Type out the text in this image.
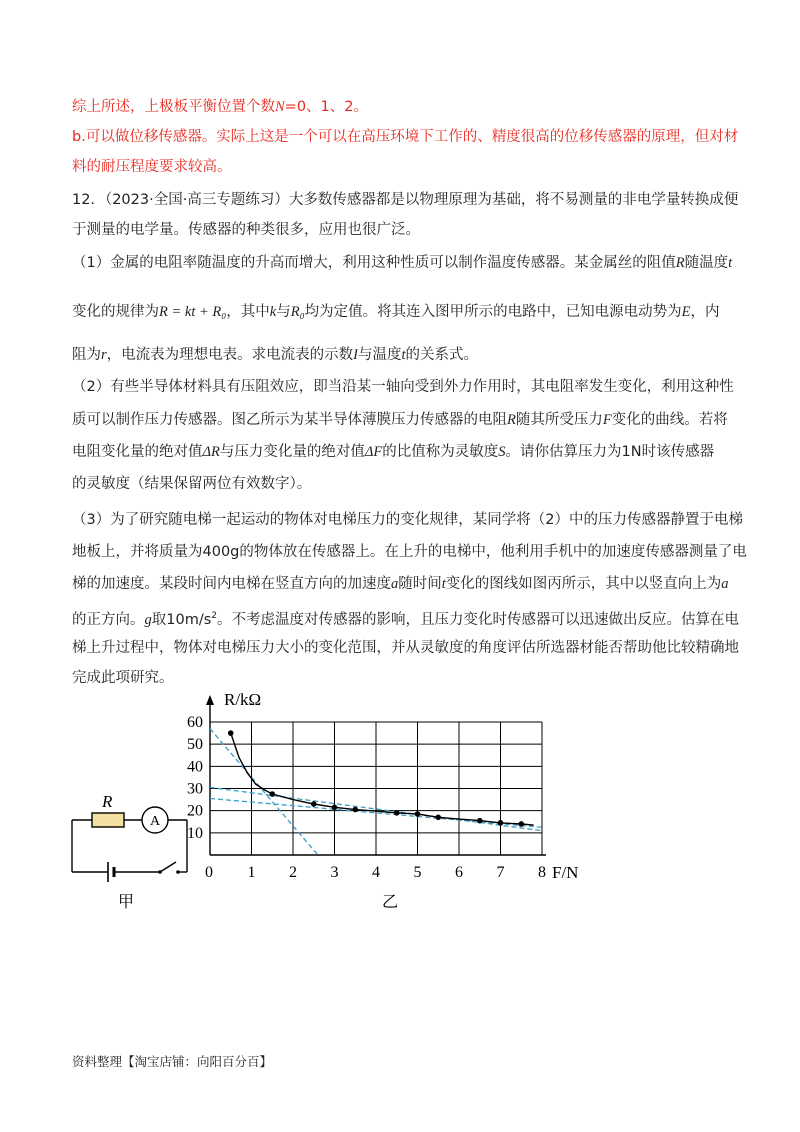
综上所述，上极板平衡位置个数N=0、1、2。
b.可以做位移传感器。实际上这是一个可以在高压环境下工作的、精度很高的位移传感器的原理，但对材
料的耐压程度要求较高。
12．（2023·全国·高三专题练习）大多数传感器都是以物理原理为基础，将不易测量的非电学量转换成便
于测量的电学量。传感器的种类很多，应用也很广泛。
（1）金属的电阻率随温度的升高而增大，利用这种性质可以制作温度传感器。某金属丝的阻值R随温度t
变化的规律为R = kt + R₀，其中k与R₀均为定值。将其连入图甲所示的电路中，已知电源电动势为E，内
阻为r，电流表为理想电表。求电流表的示数I与温度t的关系式。
（2）有些半导体材料具有压阻效应，即当沿某一轴向受到外力作用时，其电阻率发生变化，利用这种性
质可以制作压力传感器。图乙所示为某半导体薄膜压力传感器的电阻R随其所受压力F变化的曲线。若将
电阻变化量的绝对值ΔR与压力变化量的绝对值ΔF的比值称为灵敏度S。请你估算压力为1N时该传感器
的灵敏度（结果保留两位有效数字）。
（3）为了研究随电梯一起运动的物体对电梯压力的变化规律，某同学将（2）中的压力传感器静置于电梯
地板上，并将质量为400g的物体放在传感器上。在上升的电梯中，他利用手机中的加速度传感器测量了电
梯的加速度。某段时间内电梯在竖直方向的加速度a随时间t变化的图线如图丙所示，其中以竖直向上为a
的正方向。g取$10m/s^2$。不考虑温度对传感器的影响，且压力变化时传感器可以迅速做出反应。估算在电
梯上升过程中，物体对电梯压力大小的变化范围，并从灵敏度的角度评估所选器材能否帮助他比较精确地
完成此项研究。
R
A
甲
0 1 2 3 4 5 6 7 8
10
20
30
40
50
60
R/kΩ
F/N
乙
资料整理【淘宝店铺：向阳百分百】
